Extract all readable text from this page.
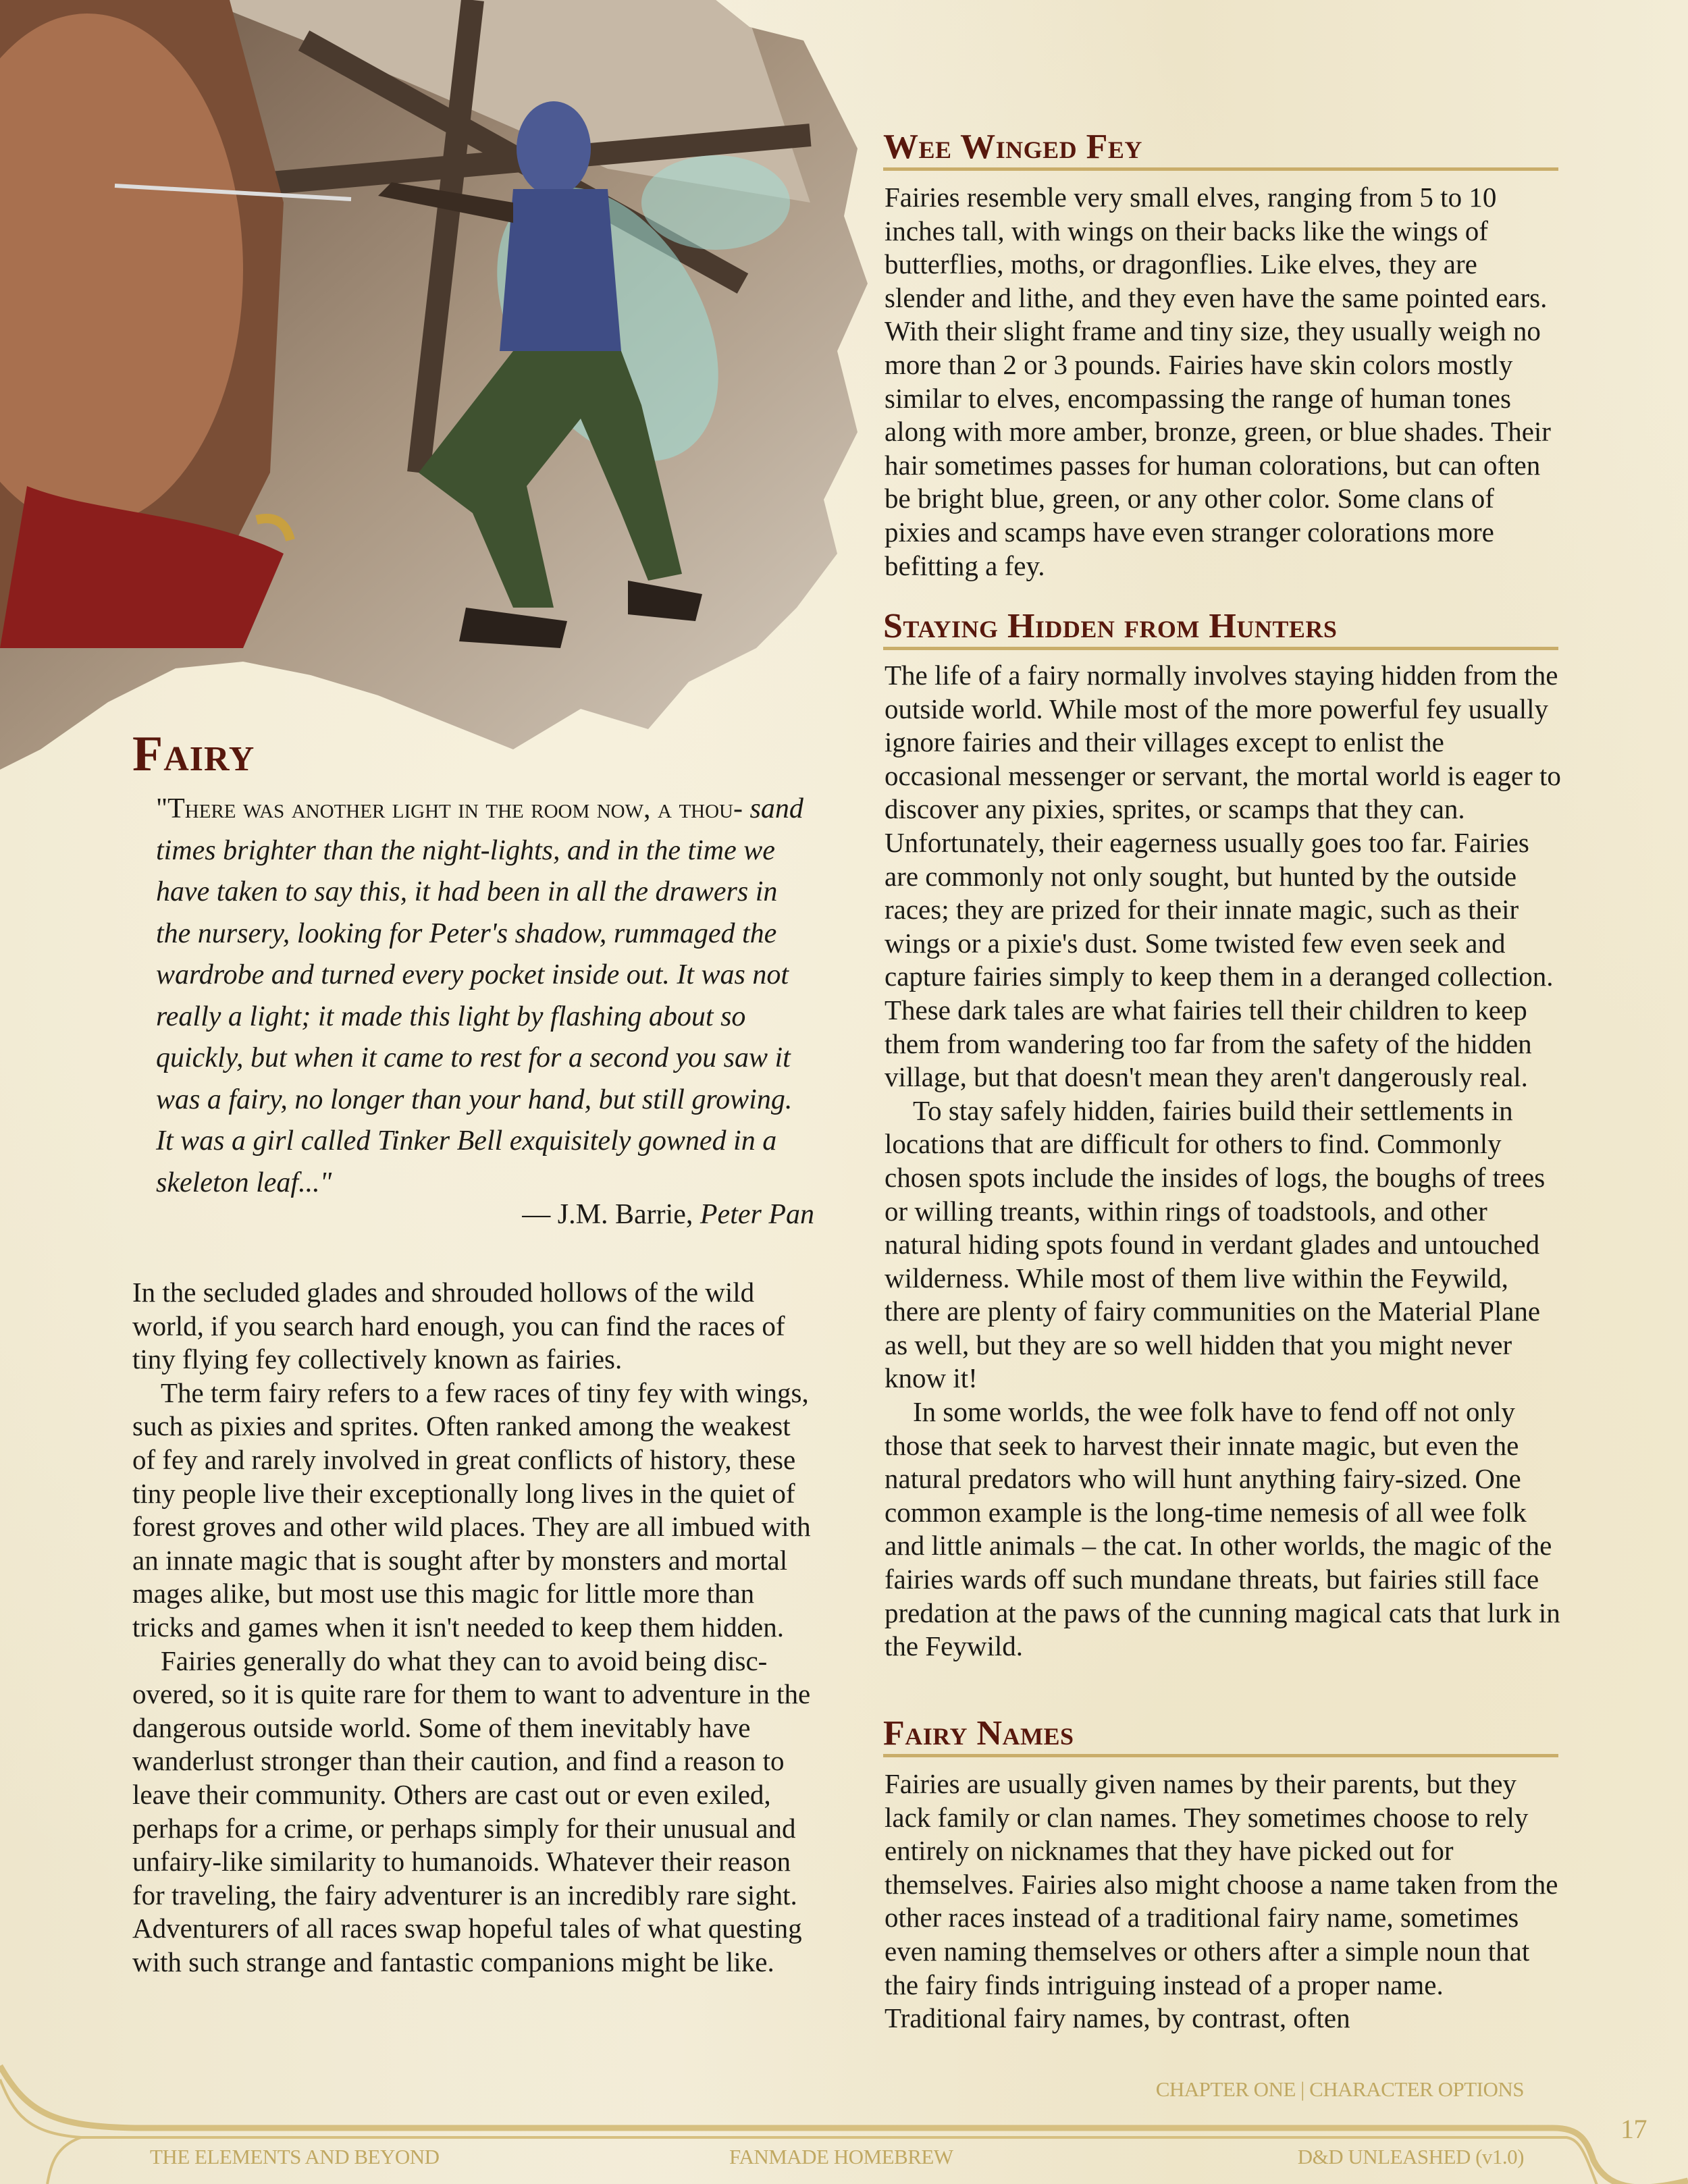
Fairy
"There was another light in the room now, a thou- sand times brighter than the night-lights, and in the time we have taken to say this, it had been in all the drawers in the nursery, looking for Peter's shadow, rummaged the wardrobe and turned every pocket inside out. It was not really a light; it made this light by flashing about so quickly, but when it came to rest for a second you saw it was a fairy, no longer than your hand, but still growing. It was a girl called Tinker Bell exquisitely gowned in a skeleton leaf..."
— J.M. Barrie, Peter Pan

In the secluded glades and shrouded hollows of the wild world, if you search hard enough, you can find the races of tiny flying fey collectively known as fairies.

The term fairy refers to a few races of tiny fey with wings, such as pixies and sprites. Often ranked among the weakest of fey and rarely involved in great conflicts of history, these tiny people live their exceptionally long lives in the quiet of forest groves and other wild places. They are all imbued with an innate magic that is sought after by monsters and mortal mages alike, but most use this magic for little more than tricks and games when it isn't needed to keep them hidden.

Fairies generally do what they can to avoid being disc-overed, so it is quite rare for them to want to adventure in the dangerous outside world. Some of them inevitably have wanderlust stronger than their caution, and find a reason to leave their community. Others are cast out or even exiled, perhaps for a crime, or perhaps simply for their unusual and unfairy-like similarity to humanoids. Whatever their reason for traveling, the fairy adventurer is an incredibly rare sight. Adventurers of all races swap hopeful tales of what questing with such strange and fantastic companions might be like.

Wee Winged Fey

Fairies resemble very small elves, ranging from 5 to 10 inches tall, with wings on their backs like the wings of butterflies, moths, or dragonflies. Like elves, they are slender and lithe, and they even have the same pointed ears. With their slight frame and tiny size, they usually weigh no more than 2 or 3 pounds. Fairies have skin colors mostly similar to elves, encompassing the range of human tones along with more amber, bronze, green, or blue shades. Their hair sometimes passes for human colorations, but can often be bright blue, green, or any other color. Some clans of pixies and scamps have even stranger colorations more befitting a fey.

Staying Hidden from Hunters

The life of a fairy normally involves staying hidden from the outside world. While most of the more powerful fey usually ignore fairies and their villages except to enlist the occasional messenger or servant, the mortal world is eager to discover any pixies, sprites, or scamps that they can. Unfortunately, their eagerness usually goes too far. Fairies are commonly not only sought, but hunted by the outside races; they are prized for their innate magic, such as their wings or a pixie's dust. Some twisted few even seek and capture fairies simply to keep them in a deranged collection. These dark tales are what fairies tell their children to keep them from wandering too far from the safety of the hidden village, but that doesn't mean they aren't dangerously real.

To stay safely hidden, fairies build their settlements in locations that are difficult for others to find. Commonly chosen spots include the insides of logs, the boughs of trees or willing treants, within rings of toadstools, and other natural hiding spots found in verdant glades and untouched wilderness. While most of them live within the Feywild, there are plenty of fairy communities on the Material Plane as well, but they are so well hidden that you might never know it!

In some worlds, the wee folk have to fend off not only those that seek to harvest their innate magic, but even the natural predators who will hunt anything fairy-sized. One common example is the long-time nemesis of all wee folk and little animals – the cat. In other worlds, the magic of the fairies wards off such mundane threats, but fairies still face predation at the paws of the cunning magical cats that lurk in the Feywild.

Fairy Names

Fairies are usually given names by their parents, but they lack family or clan names. They sometimes choose to rely entirely on nicknames that they have picked out for themselves. Fairies also might choose a name taken from the other races instead of a traditional fairy name, sometimes even naming themselves or others after a simple noun that the fairy finds intriguing instead of a proper name. Traditional fairy names, by contrast, often

CHAPTER ONE | CHARACTER OPTIONS
17
THE ELEMENTS AND BEYOND	FANMADE HOMEBREW	D&D UNLEASHED (v1.0)
